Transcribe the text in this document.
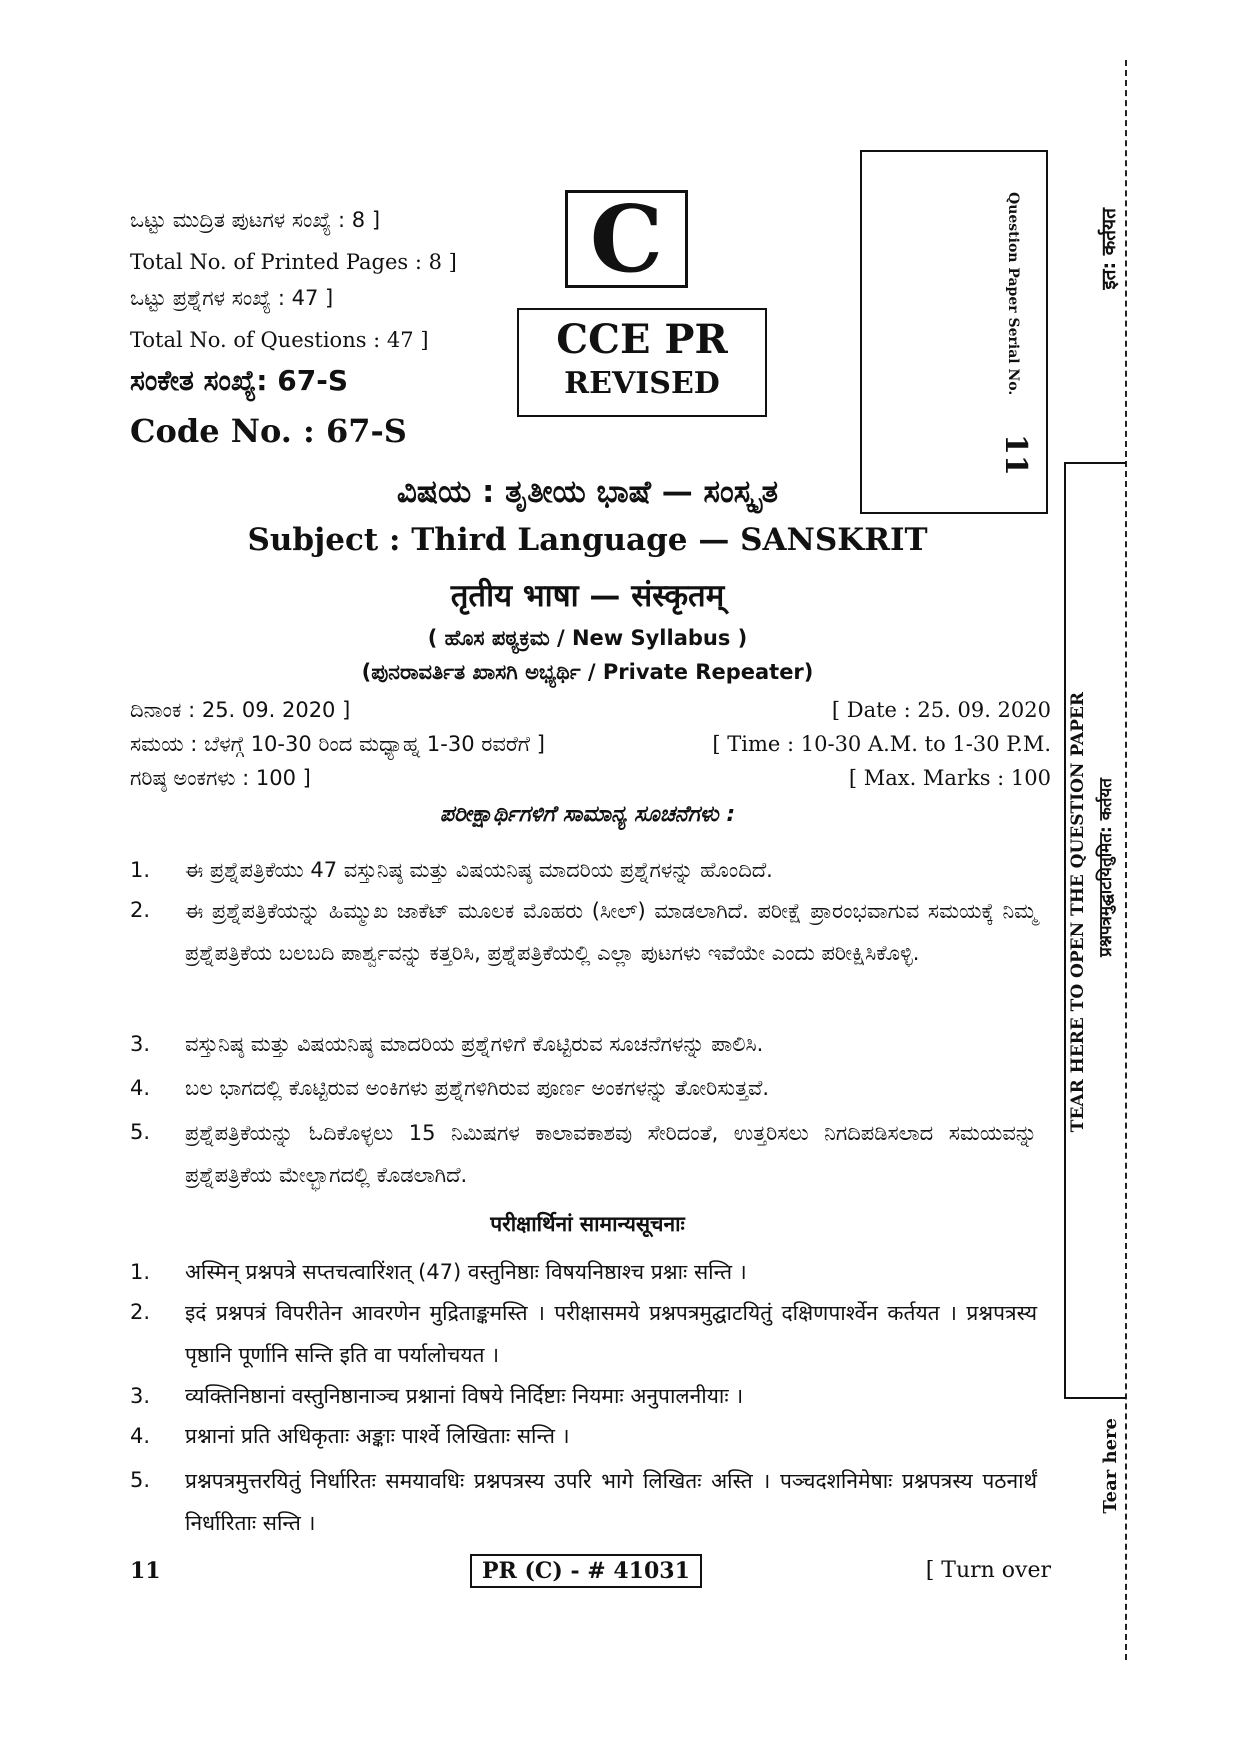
ಒಟ್ಟು ಮುದ್ರಿತ ಪುಟಗಳ ಸಂಖ್ಯೆ : 8 ]
Total No. of Printed Pages : 8 ]
ಒಟ್ಟು ಪ್ರಶ್ನೆಗಳ ಸಂಖ್ಯೆ : 47 ]
Total No. of Questions : 47 ]
ಸಂಕೇತ ಸಂಖ್ಯೆ: 67-S
Code No. : 67-S
C
CCE PR
REVISED	Question Paper Serial No.
11
इत: कर्तयत
TEAR HERE TO OPEN THE QUESTION PAPER प्रश्नपत्रमुद्घाटयितुमित: कर्तयत
Tear here
ವಿಷಯ : ತೃತೀಯ ಭಾಷೆ — ಸಂಸ್ಕೃತ
Subject : Third Language — SANSKRIT
तृतीय भाषा — संस्कृतम्
( ಹೊಸ ಪಠ್ಯಕ್ರಮ / New Syllabus )
(ಪುನರಾವರ್ತಿತ ಖಾಸಗಿ ಅಭ್ಯರ್ಥಿ / Private Repeater)
ದಿನಾಂಕ : 25. 09. 2020 ]	[ Date : 25. 09. 2020
ಸಮಯ : ಬೆಳಗ್ಗೆ 10-30 ರಿಂದ ಮಧ್ಯಾಹ್ನ 1-30 ರವರೆಗೆ ]	[ Time : 10-30 A.M. to 1-30 P.M.
ಗರಿಷ್ಠ ಅಂಕಗಳು : 100 ]	[ Max. Marks : 100
ಪರೀಕ್ಷಾರ್ಥಿಗಳಿಗೆ ಸಾಮಾನ್ಯ ಸೂಚನೆಗಳು :
1.	ಈ ಪ್ರಶ್ನೆಪತ್ರಿಕೆಯು 47 ವಸ್ತುನಿಷ್ಠ ಮತ್ತು ವಿಷಯನಿಷ್ಠ ಮಾದರಿಯ ಪ್ರಶ್ನೆಗಳನ್ನು ಹೊಂದಿದೆ.
2.	ಈ ಪ್ರಶ್ನೆಪತ್ರಿಕೆಯನ್ನು ಹಿಮ್ಮುಖ ಜಾಕೆಟ್ ಮೂಲಕ ಮೊಹರು (ಸೀಲ್) ಮಾಡಲಾಗಿದೆ. ಪರೀಕ್ಷೆ ಪ್ರಾರಂಭವಾಗುವ ಸಮಯಕ್ಕೆ ನಿಮ್ಮ ಪ್ರಶ್ನೆಪತ್ರಿಕೆಯ ಬಲಬದಿ ಪಾರ್ಶ್ವವನ್ನು ಕತ್ತರಿಸಿ, ಪ್ರಶ್ನೆಪತ್ರಿಕೆಯಲ್ಲಿ ಎಲ್ಲಾ ಪುಟಗಳು ಇವೆಯೇ ಎಂದು ಪರೀಕ್ಷಿಸಿಕೊಳ್ಳಿ.
3.	ವಸ್ತುನಿಷ್ಠ ಮತ್ತು ವಿಷಯನಿಷ್ಠ ಮಾದರಿಯ ಪ್ರಶ್ನೆಗಳಿಗೆ ಕೊಟ್ಟಿರುವ ಸೂಚನೆಗಳನ್ನು ಪಾಲಿಸಿ.
4.	ಬಲ ಭಾಗದಲ್ಲಿ ಕೊಟ್ಟಿರುವ ಅಂಕಿಗಳು ಪ್ರಶ್ನೆಗಳಿಗಿರುವ ಪೂರ್ಣ ಅಂಕಗಳನ್ನು ತೋರಿಸುತ್ತವೆ.
5.	ಪ್ರಶ್ನೆಪತ್ರಿಕೆಯನ್ನು ಓದಿಕೊಳ್ಳಲು 15 ನಿಮಿಷಗಳ ಕಾಲಾವಕಾಶವು ಸೇರಿದಂತೆ, ಉತ್ತರಿಸಲು ನಿಗದಿಪಡಿಸಲಾದ ಸಮಯವನ್ನು ಪ್ರಶ್ನೆಪತ್ರಿಕೆಯ ಮೇಲ್ಭಾಗದಲ್ಲಿ ಕೊಡಲಾಗಿದೆ.
परीक्षार्थिनां सामान्यसूचनाः
1.	अस्मिन् प्रश्नपत्रे सप्तचत्वारिंशत् (47) वस्तुनिष्ठाः विषयनिष्ठाश्च प्रश्नाः सन्ति ।
2.	इदं प्रश्नपत्रं विपरीतेन आवरणेन मुद्रिताङ्कमस्ति । परीक्षासमये प्रश्नपत्रमुद्घाटयितुं दक्षिणपार्श्वेन कर्तयत । प्रश्नपत्रस्य पृष्ठानि पूर्णानि सन्ति इति वा पर्यालोचयत ।
3.	व्यक्तिनिष्ठानां वस्तुनिष्ठानाञ्च प्रश्नानां विषये निर्दिष्टाः नियमाः अनुपालनीयाः ।
4.	प्रश्नानां प्रति अधिकृताः अङ्काः पार्श्वे लिखिताः सन्ति ।
5.	प्रश्नपत्रमुत्तरयितुं निर्धारितः समयावधिः प्रश्नपत्रस्य उपरि भागे लिखितः अस्ति । पञ्चदशनिमेषाः प्रश्नपत्रस्य पठनार्थं निर्धारिताः सन्ति ।
11	PR (C) - # 41031	[ Turn over
